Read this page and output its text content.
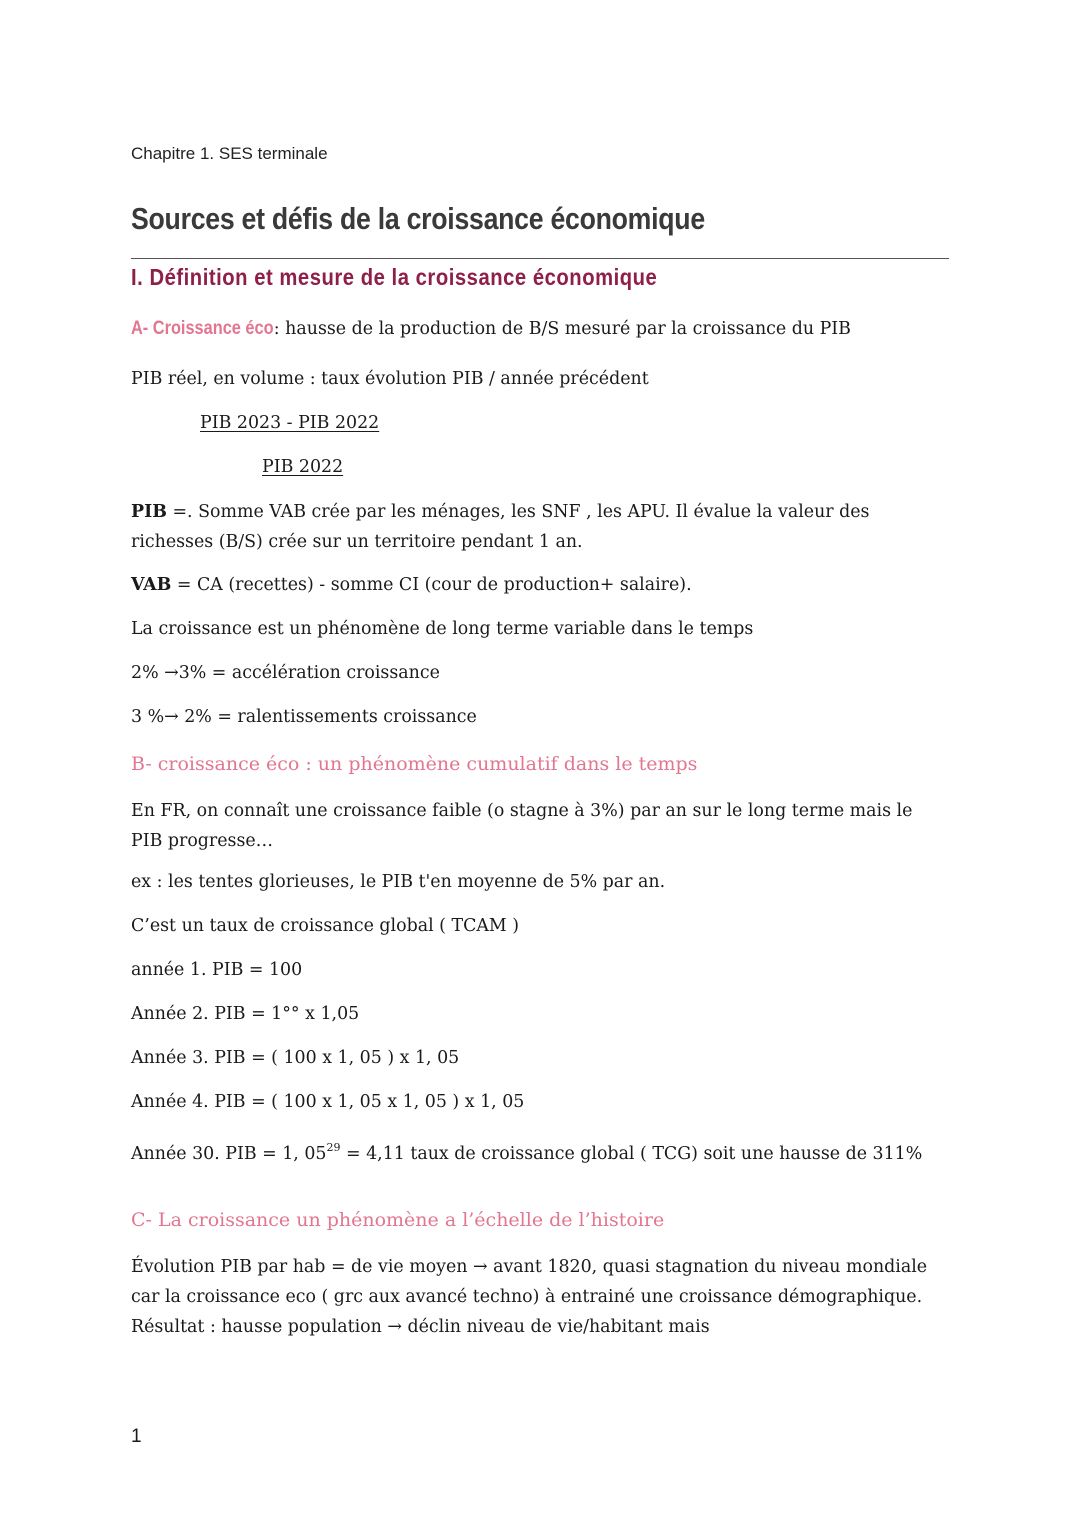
Chapitre 1. SES terminale
Sources et défis de la croissance économique
I. Définition et mesure de la croissance économique
A- Croissance éco: hausse de la production de B/S mesuré par la croissance du PIB
PIB réel, en volume : taux évolution PIB / année précédent
PIB 2023 - PIB 2022
PIB 2022
PIB =. Somme VAB crée par les ménages, les SNF , les APU. Il évalue la valeur des richesses (B/S) crée sur un territoire pendant 1 an.
VAB = CA (recettes) - somme CI (cour de production+ salaire).
La croissance est un phénomène de long terme variable dans le temps
2% →3% = accélération croissance
3 %→ 2% = ralentissements croissance
B- croissance éco : un phénomène cumulatif dans le temps
En FR, on connaît une croissance faible (o stagne à 3%) par an sur le long terme mais le PIB progresse…
ex : les tentes glorieuses, le PIB t'en moyenne de 5% par an.
C’est un taux de croissance global ( TCAM )
année 1. PIB = 100
Année 2. PIB = 1°° x 1,05
Année 3. PIB = ( 100 x 1, 05 ) x 1, 05
Année 4. PIB = ( 100 x 1, 05 x 1, 05 ) x 1, 05
Année 30. PIB = 1, $05^{29} = 4,11$ taux de croissance global ( TCG) soit une hausse de 311%
C- La croissance un phénomène a l’échelle de l’histoire
Évolution PIB par hab = de vie moyen → avant 1820, quasi stagnation du niveau mondiale car la croissance eco ( grc aux avancé techno) à entrainé une croissance démographique. Résultat : hausse population → déclin niveau de vie/habitant mais
1
